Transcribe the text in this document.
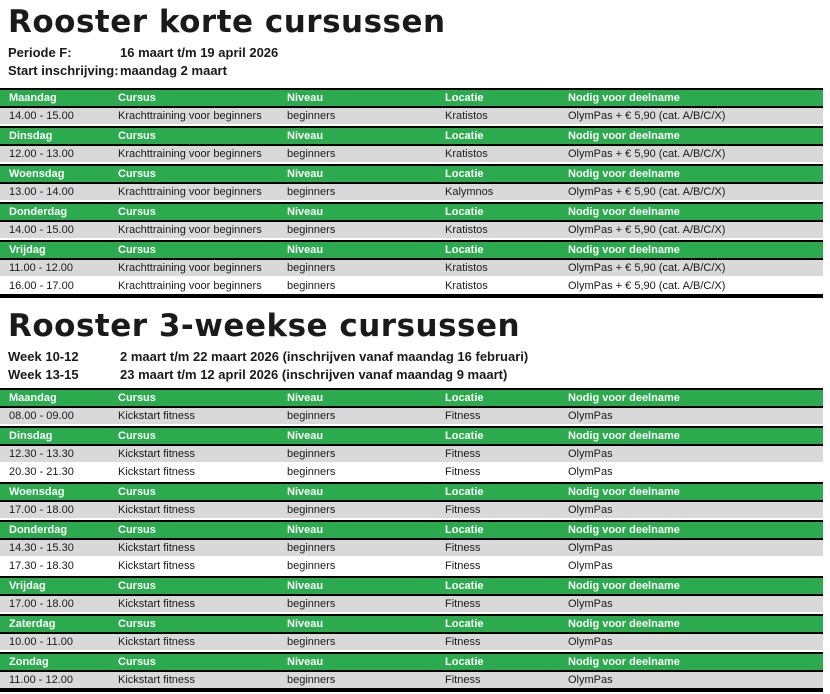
Rooster korte cursussen
Periode F:	16 maart t/m 19 april 2026
Start inschrijving: maandag 2 maart
Maandag	Cursus	Niveau	Locatie	Nodig voor deelname
14.00 - 15.00	Krachttraining voor beginners	beginners	Kratistos	OlymPas + € 5,90 (cat. A/B/C/X)
Dinsdag	Cursus	Niveau	Locatie	Nodig voor deelname
12.00 - 13.00	Krachttraining voor beginners	beginners	Kratistos	OlymPas + € 5,90 (cat. A/B/C/X)
Woensdag	Cursus	Niveau	Locatie	Nodig voor deelname
13.00 - 14.00	Krachttraining voor beginners	beginners	Kalymnos	OlymPas + € 5,90 (cat. A/B/C/X)
Donderdag	Cursus	Niveau	Locatie	Nodig voor deelname
14.00 - 15.00	Krachttraining voor beginners	beginners	Kratistos	OlymPas + € 5,90 (cat. A/B/C/X)
Vrijdag	Cursus	Niveau	Locatie	Nodig voor deelname
11.00 - 12.00	Krachttraining voor beginners	beginners	Kratistos	OlymPas + € 5,90 (cat. A/B/C/X)
16.00 - 17.00	Krachttraining voor beginners	beginners	Kratistos	OlymPas + € 5,90 (cat. A/B/C/X)
Rooster 3-weekse cursussen
Week 10-12	2 maart t/m 22 maart 2026 (inschrijven vanaf maandag 16 februari)
Week 13-15	23 maart t/m 12 april 2026 (inschrijven vanaf maandag 9 maart)
Maandag	Cursus	Niveau	Locatie	Nodig voor deelname
08.00 - 09.00	Kickstart fitness	beginners	Fitness	OlymPas
Dinsdag	Cursus	Niveau	Locatie	Nodig voor deelname
12.30 - 13.30	Kickstart fitness	beginners	Fitness	OlymPas
20.30 - 21.30	Kickstart fitness	beginners	Fitness	OlymPas
Woensdag	Cursus	Niveau	Locatie	Nodig voor deelname
17.00 - 18.00	Kickstart fitness	beginners	Fitness	OlymPas
Donderdag	Cursus	Niveau	Locatie	Nodig voor deelname
14.30 - 15.30	Kickstart fitness	beginners	Fitness	OlymPas
17.30 - 18.30	Kickstart fitness	beginners	Fitness	OlymPas
Vrijdag	Cursus	Niveau	Locatie	Nodig voor deelname
17.00 - 18.00	Kickstart fitness	beginners	Fitness	OlymPas
Zaterdag	Cursus	Niveau	Locatie	Nodig voor deelname
10.00 - 11.00	Kickstart fitness	beginners	Fitness	OlymPas
Zondag	Cursus	Niveau	Locatie	Nodig voor deelname
11.00 - 12.00	Kickstart fitness	beginners	Fitness	OlymPas
